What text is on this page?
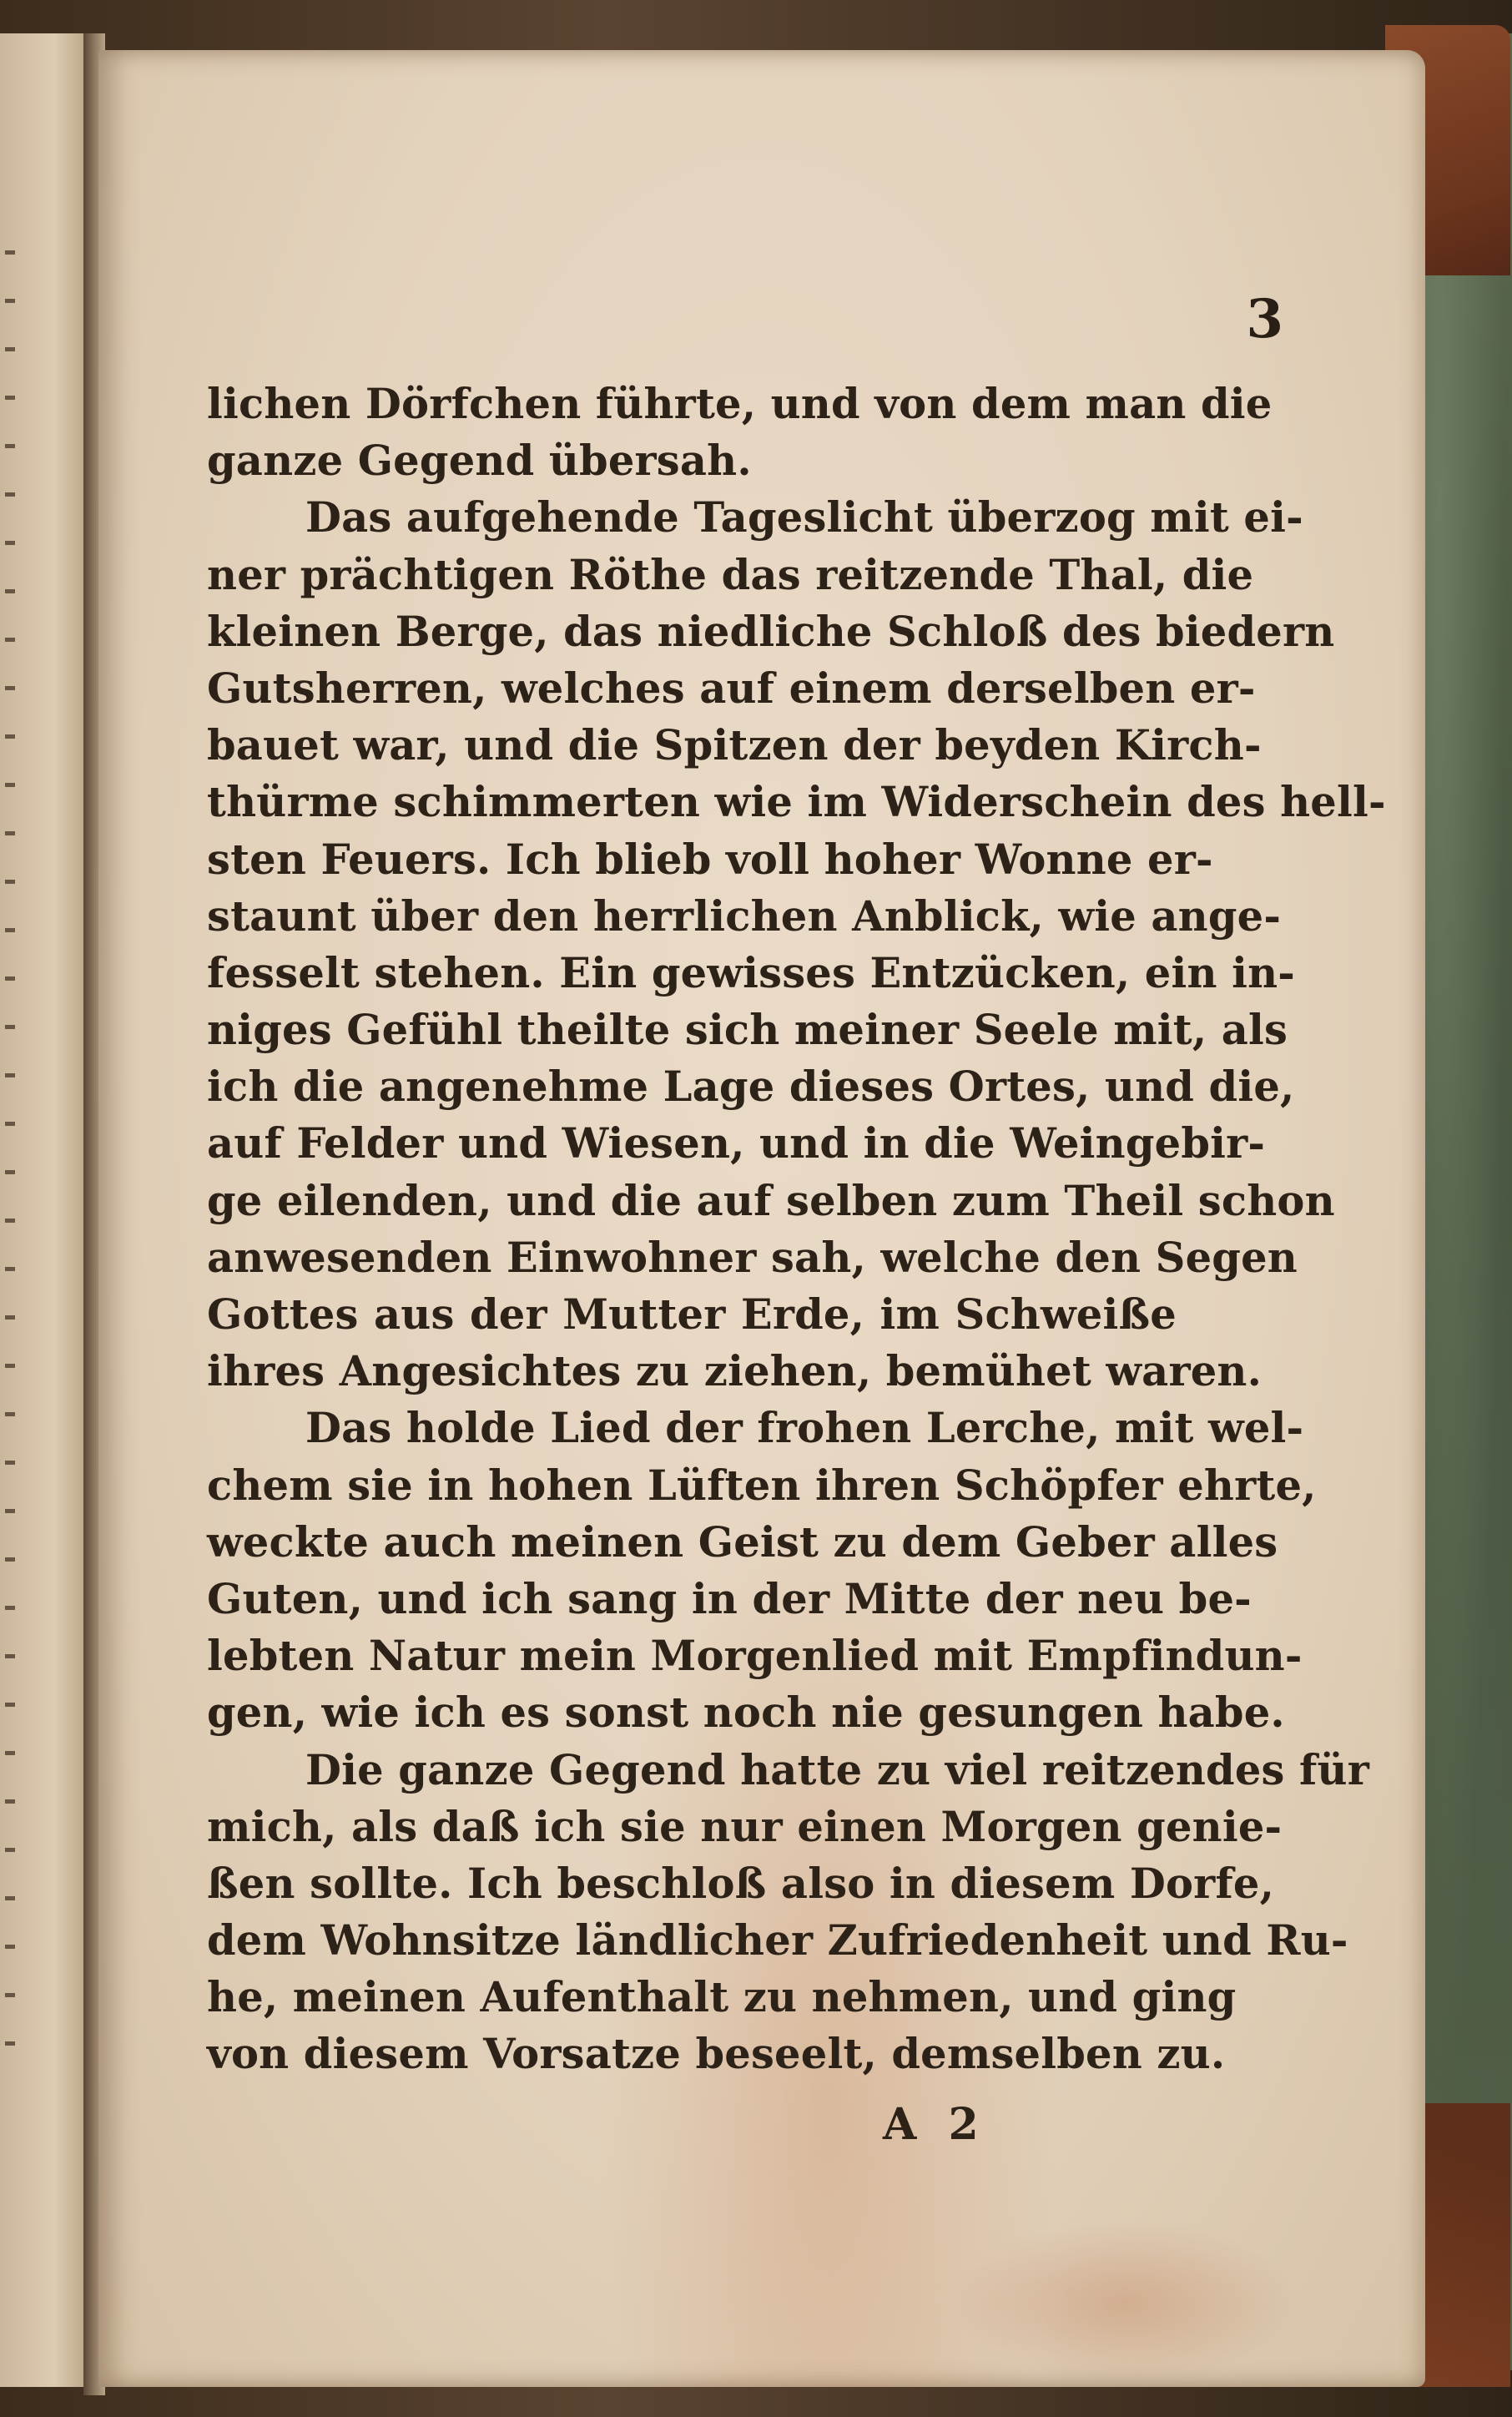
3
lichen Dörfchen führte, und von dem man die
ganze Gegend übersah.
Das aufgehende Tageslicht überzog mit ei-
ner prächtigen Röthe das reitzende Thal, die
kleinen Berge, das niedliche Schloß des biedern
Gutsherren, welches auf einem derselben er-
bauet war, und die Spitzen der beyden Kirch-
thürme schimmerten wie im Widerschein des hell-
sten Feuers. Ich blieb voll hoher Wonne er-
staunt über den herrlichen Anblick, wie ange-
fesselt stehen. Ein gewisses Entzücken, ein in-
niges Gefühl theilte sich meiner Seele mit, als
ich die angenehme Lage dieses Ortes, und die,
auf Felder und Wiesen, und in die Weingebir-
ge eilenden, und die auf selben zum Theil schon
anwesenden Einwohner sah, welche den Segen
Gottes aus der Mutter Erde, im Schweiße
ihres Angesichtes zu ziehen, bemühet waren.
Das holde Lied der frohen Lerche, mit wel-
chem sie in hohen Lüften ihren Schöpfer ehrte,
weckte auch meinen Geist zu dem Geber alles
Guten, und ich sang in der Mitte der neu be-
lebten Natur mein Morgenlied mit Empfindun-
gen, wie ich es sonst noch nie gesungen habe.
Die ganze Gegend hatte zu viel reitzendes für
mich, als daß ich sie nur einen Morgen genie-
ßen sollte. Ich beschloß also in diesem Dorfe,
dem Wohnsitze ländlicher Zufriedenheit und Ru-
he, meinen Aufenthalt zu nehmen, und ging
von diesem Vorsatze beseelt, demselben zu.
A 2
